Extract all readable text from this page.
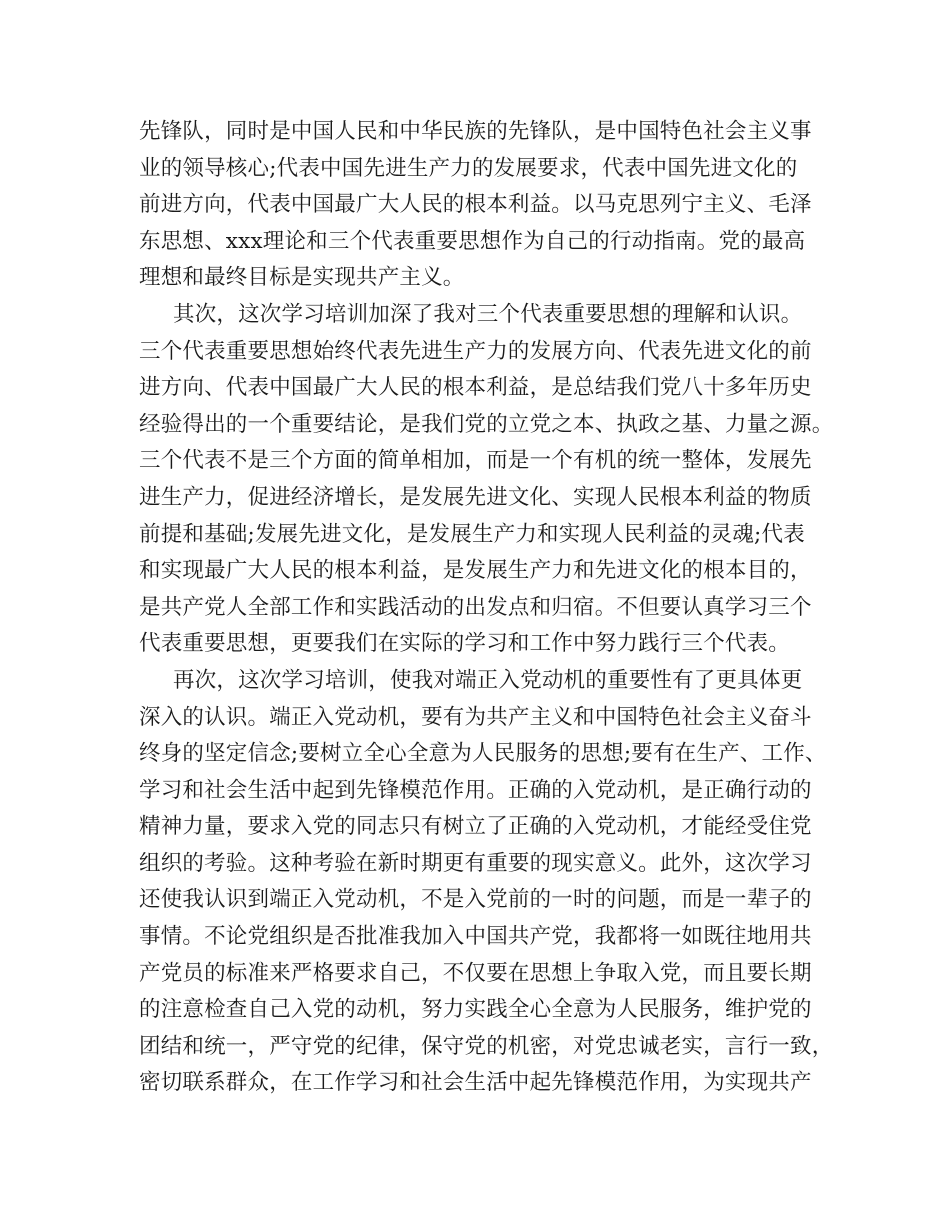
先锋队，同时是中国人民和中华民族的先锋队，是中国特色社会主义事
业的领导核心;代表中国先进生产力的发展要求，代表中国先进文化的
前进方向，代表中国最广大人民的根本利益。以马克思列宁主义、毛泽
东思想、xxx理论和三个代表重要思想作为自己的行动指南。党的最高
理想和最终目标是实现共产主义。

其次，这次学习培训加深了我对三个代表重要思想的理解和认识。
三个代表重要思想始终代表先进生产力的发展方向、代表先进文化的前
进方向、代表中国最广大人民的根本利益，是总结我们党八十多年历史
经验得出的一个重要结论，是我们党的立党之本、执政之基、力量之源。
三个代表不是三个方面的简单相加，而是一个有机的统一整体，发展先
进生产力，促进经济增长，是发展先进文化、实现人民根本利益的物质
前提和基础;发展先进文化，是发展生产力和实现人民利益的灵魂;代表
和实现最广大人民的根本利益，是发展生产力和先进文化的根本目的，
是共产党人全部工作和实践活动的出发点和归宿。不但要认真学习三个
代表重要思想，更要我们在实际的学习和工作中努力践行三个代表。

再次，这次学习培训，使我对端正入党动机的重要性有了更具体更
深入的认识。端正入党动机，要有为共产主义和中国特色社会主义奋斗
终身的坚定信念;要树立全心全意为人民服务的思想;要有在生产、工作、
学习和社会生活中起到先锋模范作用。正确的入党动机，是正确行动的
精神力量，要求入党的同志只有树立了正确的入党动机，才能经受住党
组织的考验。这种考验在新时期更有重要的现实意义。此外，这次学习
还使我认识到端正入党动机，不是入党前的一时的问题，而是一辈子的
事情。不论党组织是否批准我加入中国共产党，我都将一如既往地用共
产党员的标准来严格要求自己，不仅要在思想上争取入党，而且要长期
的注意检查自己入党的动机，努力实践全心全意为人民服务，维护党的
团结和统一，严守党的纪律，保守党的机密，对党忠诚老实，言行一致，
密切联系群众，在工作学习和社会生活中起先锋模范作用，为实现共产
